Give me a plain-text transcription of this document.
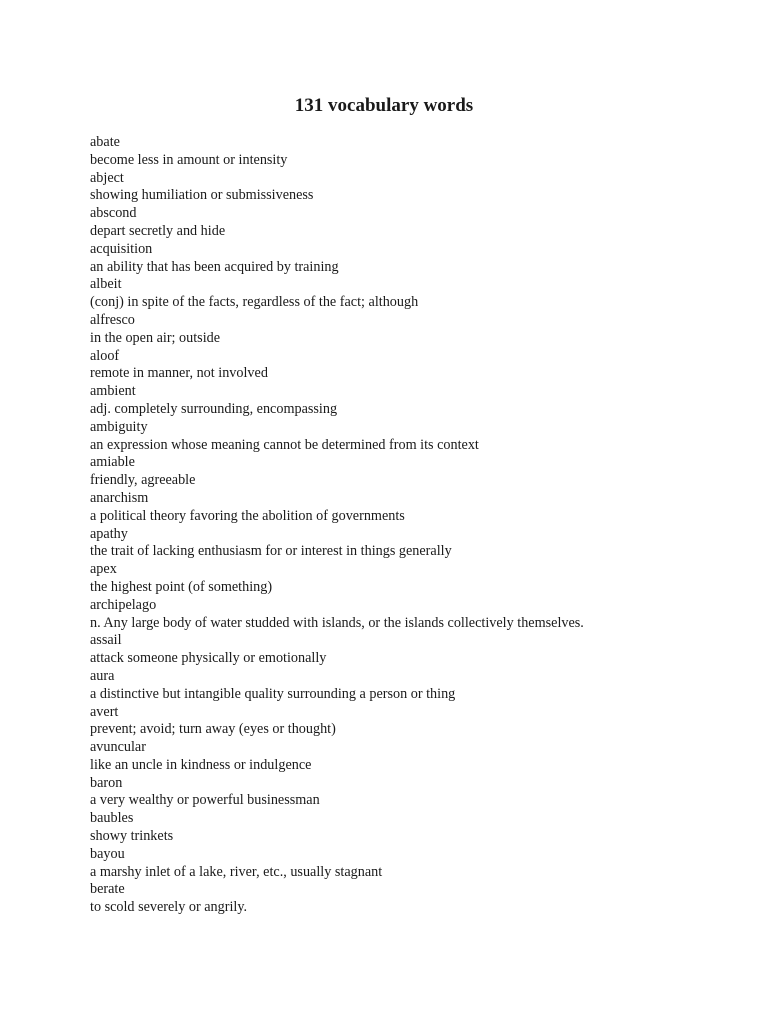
131 vocabulary words
abate
become less in amount or intensity
abject
showing humiliation or submissiveness
abscond
depart secretly and hide
acquisition
an ability that has been acquired by training
albeit
(conj) in spite of the facts, regardless of the fact; although
alfresco
in the open air; outside
aloof
remote in manner, not involved
ambient
adj. completely surrounding, encompassing
ambiguity
an expression whose meaning cannot be determined from its context
amiable
friendly, agreeable
anarchism
a political theory favoring the abolition of governments
apathy
the trait of lacking enthusiasm for or interest in things generally
apex
the highest point (of something)
archipelago
n. Any large body of water studded with islands, or the islands collectively themselves.
assail
attack someone physically or emotionally
aura
a distinctive but intangible quality surrounding a person or thing
avert
prevent; avoid; turn away (eyes or thought)
avuncular
like an uncle in kindness or indulgence
baron
a very wealthy or powerful businessman
baubles
showy trinkets
bayou
a marshy inlet of a lake, river, etc., usually stagnant
berate
to scold severely or angrily.
